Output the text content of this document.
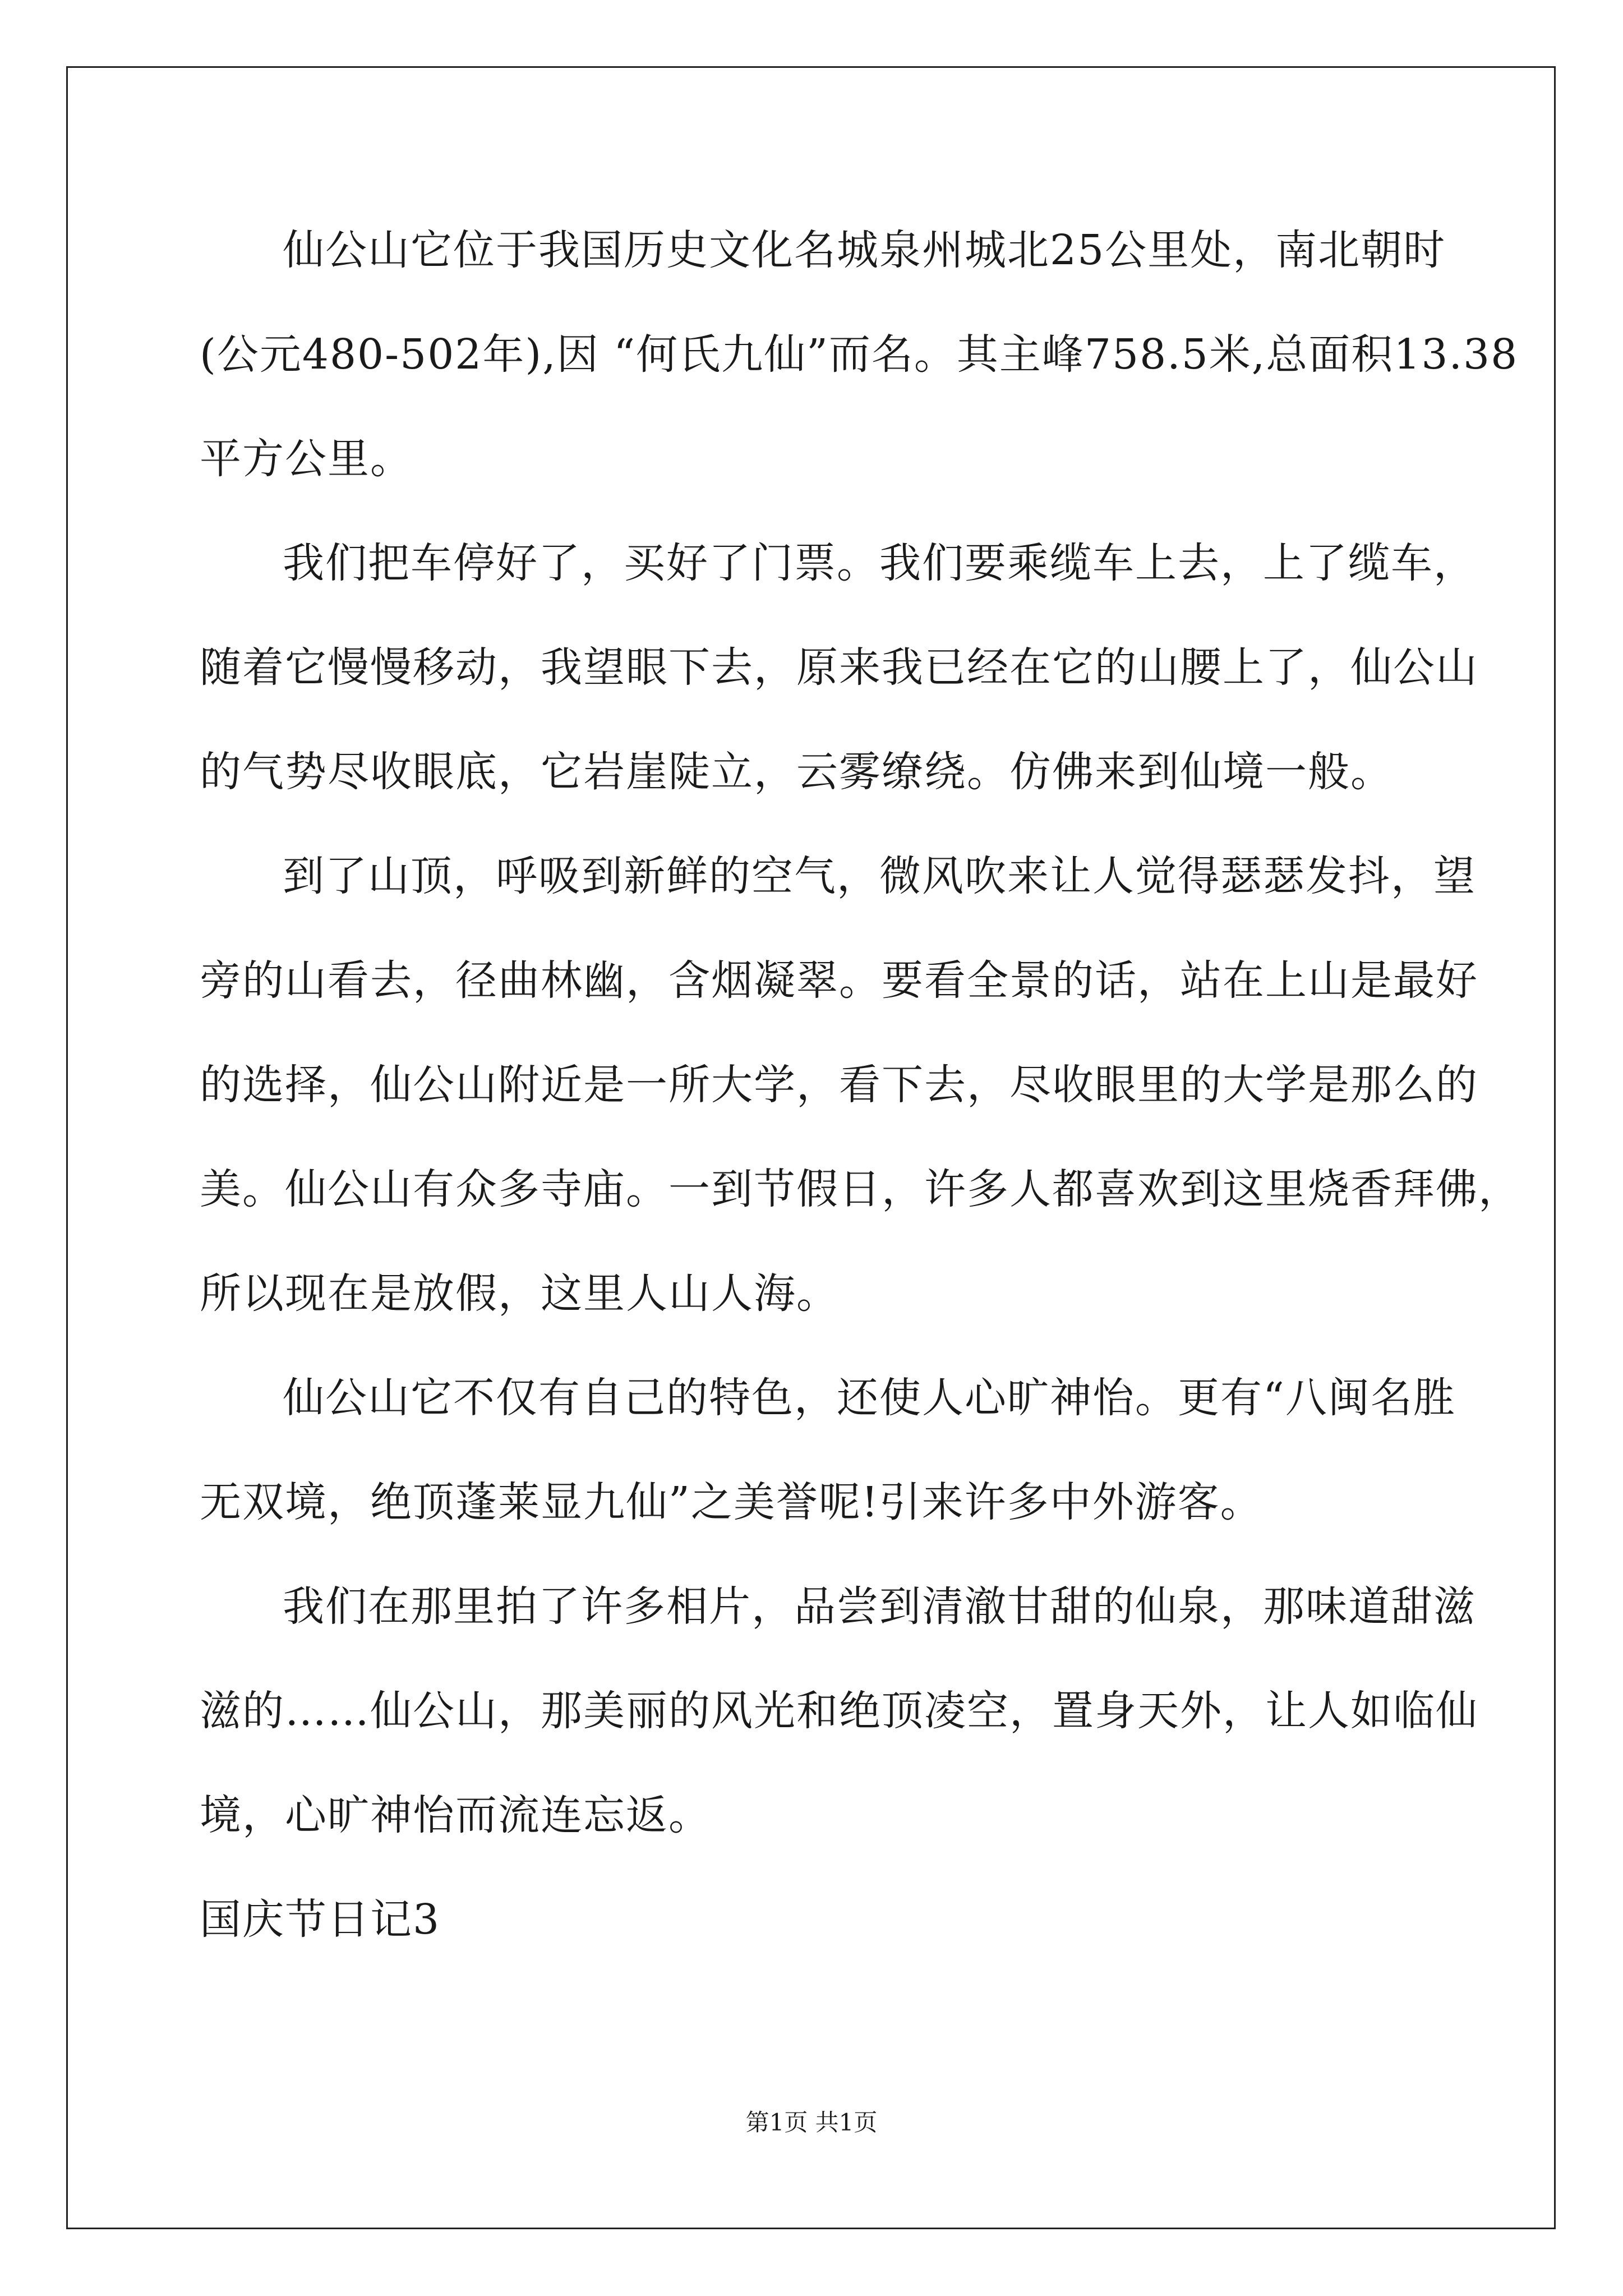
仙公山它位于我国历史文化名城泉州城北25公里处，南北朝时
(公元480-502年),因 “何氏九仙”而名。其主峰758.5米,总面积13.38
平方公里。
我们把车停好了，买好了门票。我们要乘缆车上去，上了缆车，
随着它慢慢移动，我望眼下去，原来我已经在它的山腰上了，仙公山
的气势尽收眼底，它岩崖陡立，云雾缭绕。仿佛来到仙境一般。
到了山顶，呼吸到新鲜的空气，微风吹来让人觉得瑟瑟发抖，望
旁的山看去，径曲林幽，含烟凝翠。要看全景的话，站在上山是最好
的选择，仙公山附近是一所大学，看下去，尽收眼里的大学是那么的
美。仙公山有众多寺庙。一到节假日，许多人都喜欢到这里烧香拜佛，
所以现在是放假，这里人山人海。
仙公山它不仅有自己的特色，还使人心旷神怡。更有“八闽名胜
无双境，绝顶蓬莱显九仙”之美誉呢!引来许多中外游客。
我们在那里拍了许多相片，品尝到清澈甘甜的仙泉，那味道甜滋
滋的……仙公山，那美丽的风光和绝顶凌空，置身天外，让人如临仙
境，心旷神怡而流连忘返。
国庆节日记3
第1页 共1页
